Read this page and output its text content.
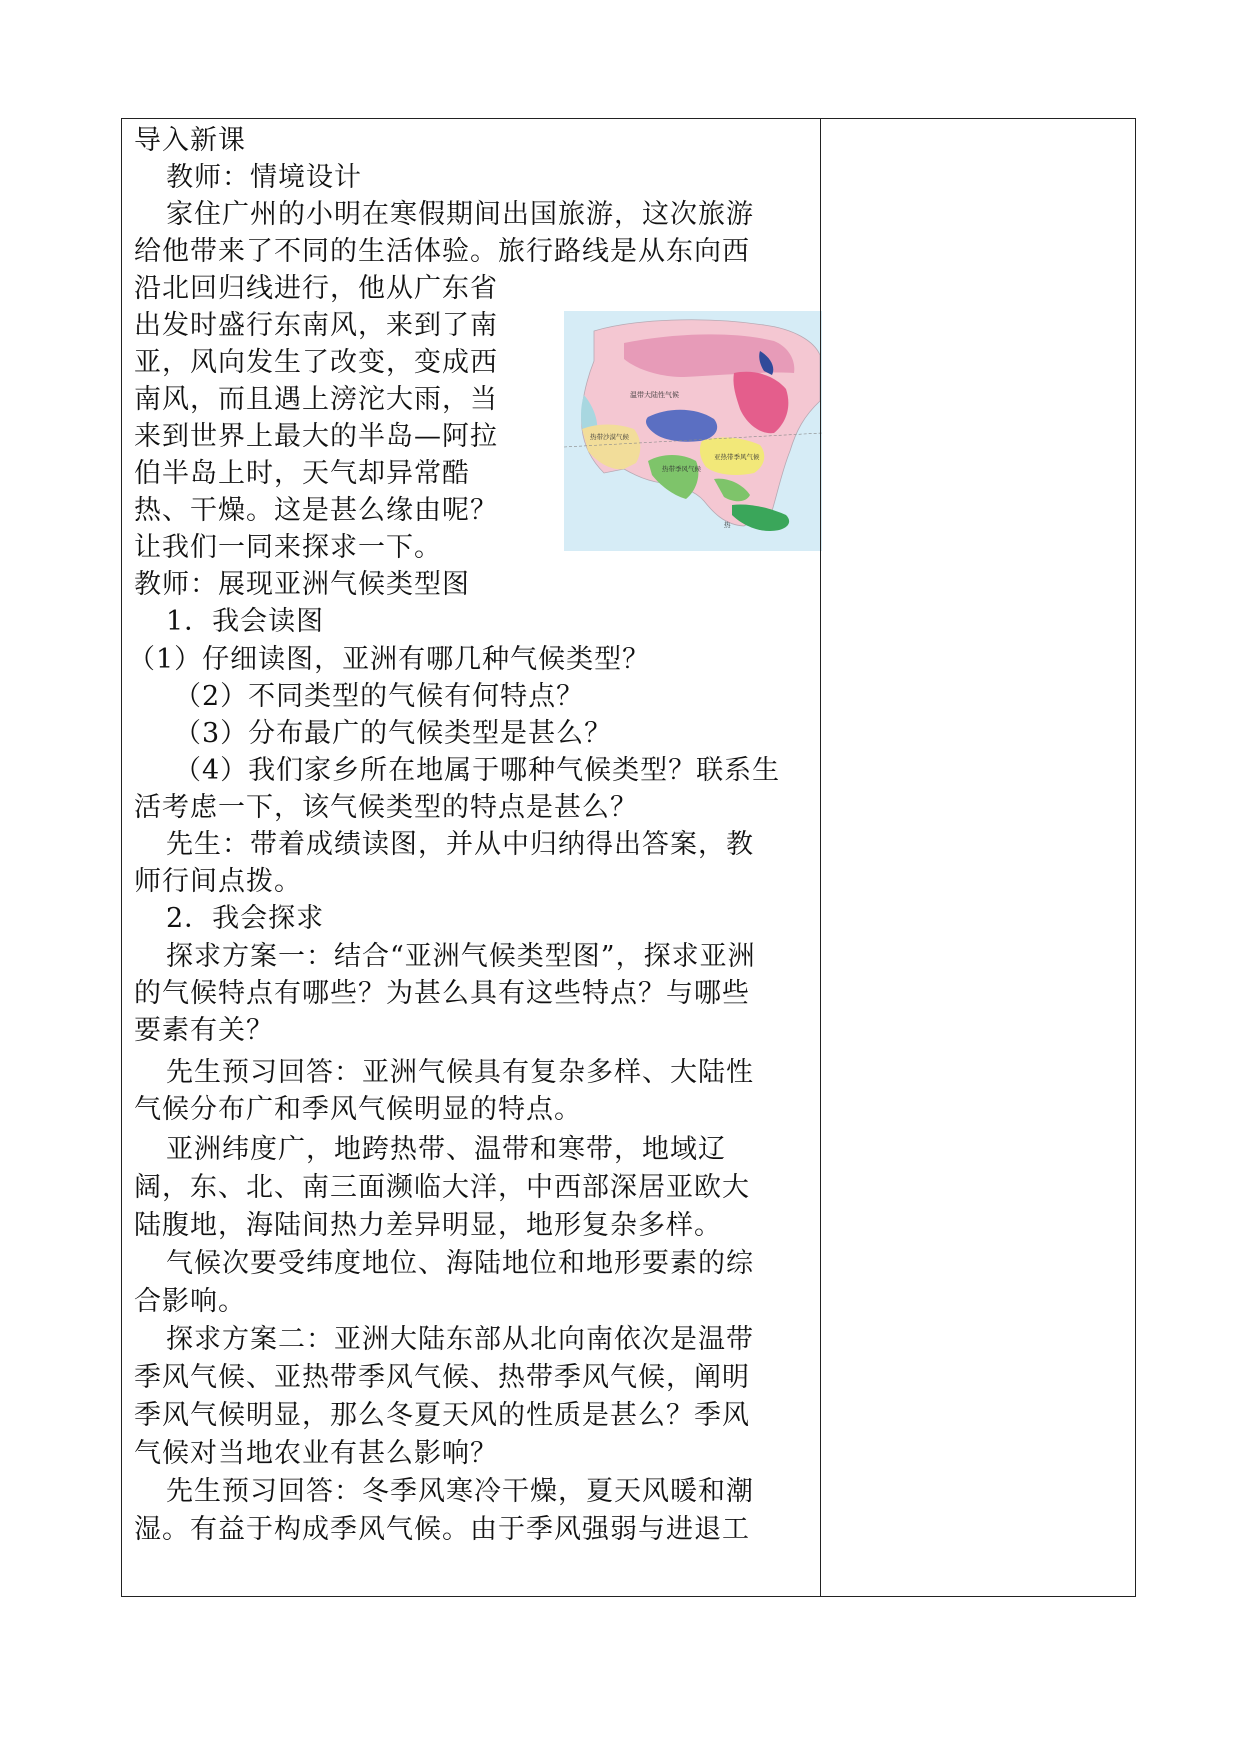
导入新课
教师：情境设计
家住广州的小明在寒假期间出国旅游，这次旅游
给他带来了不同的生活体验。旅行路线是从东向西
沿北回归线进行，他从广东省
出发时盛行东南风，来到了南
亚，风向发生了改变，变成西
南风，而且遇上滂沱大雨，当
来到世界上最大的半岛—阿拉
伯半岛上时，天气却异常酷
热、干燥。这是甚么缘由呢？
让我们一同来探求一下。
教师：展现亚洲气候类型图
1．我会读图
（1）仔细读图，亚洲有哪几种气候类型？
（2）不同类型的气候有何特点？
（3）分布最广的气候类型是甚么？
（4）我们家乡所在地属于哪种气候类型？联系生
活考虑一下，该气候类型的特点是甚么？
先生：带着成绩读图，并从中归纳得出答案，教
师行间点拨。
2．我会探求
探求方案一：结合“亚洲气候类型图”，探求亚洲
的气候特点有哪些？为甚么具有这些特点？与哪些
要素有关？
先生预习回答：亚洲气候具有复杂多样、大陆性
气候分布广和季风气候明显的特点。
亚洲纬度广，地跨热带、温带和寒带，地域辽
阔，东、北、南三面濒临大洋，中西部深居亚欧大
陆腹地，海陆间热力差异明显，地形复杂多样。
气候次要受纬度地位、海陆地位和地形要素的综
合影响。
探求方案二：亚洲大陆东部从北向南依次是温带
季风气候、亚热带季风气候、热带季风气候，阐明
季风气候明显，那么冬夏天风的性质是甚么？季风
气候对当地农业有甚么影响？
先生预习回答：冬季风寒冷干燥，夏天风暖和潮
湿。有益于构成季风气候。由于季风强弱与进退工
温带大陆性气候
热带沙漠气候
亚热带季风气候
热带季风气候
热
